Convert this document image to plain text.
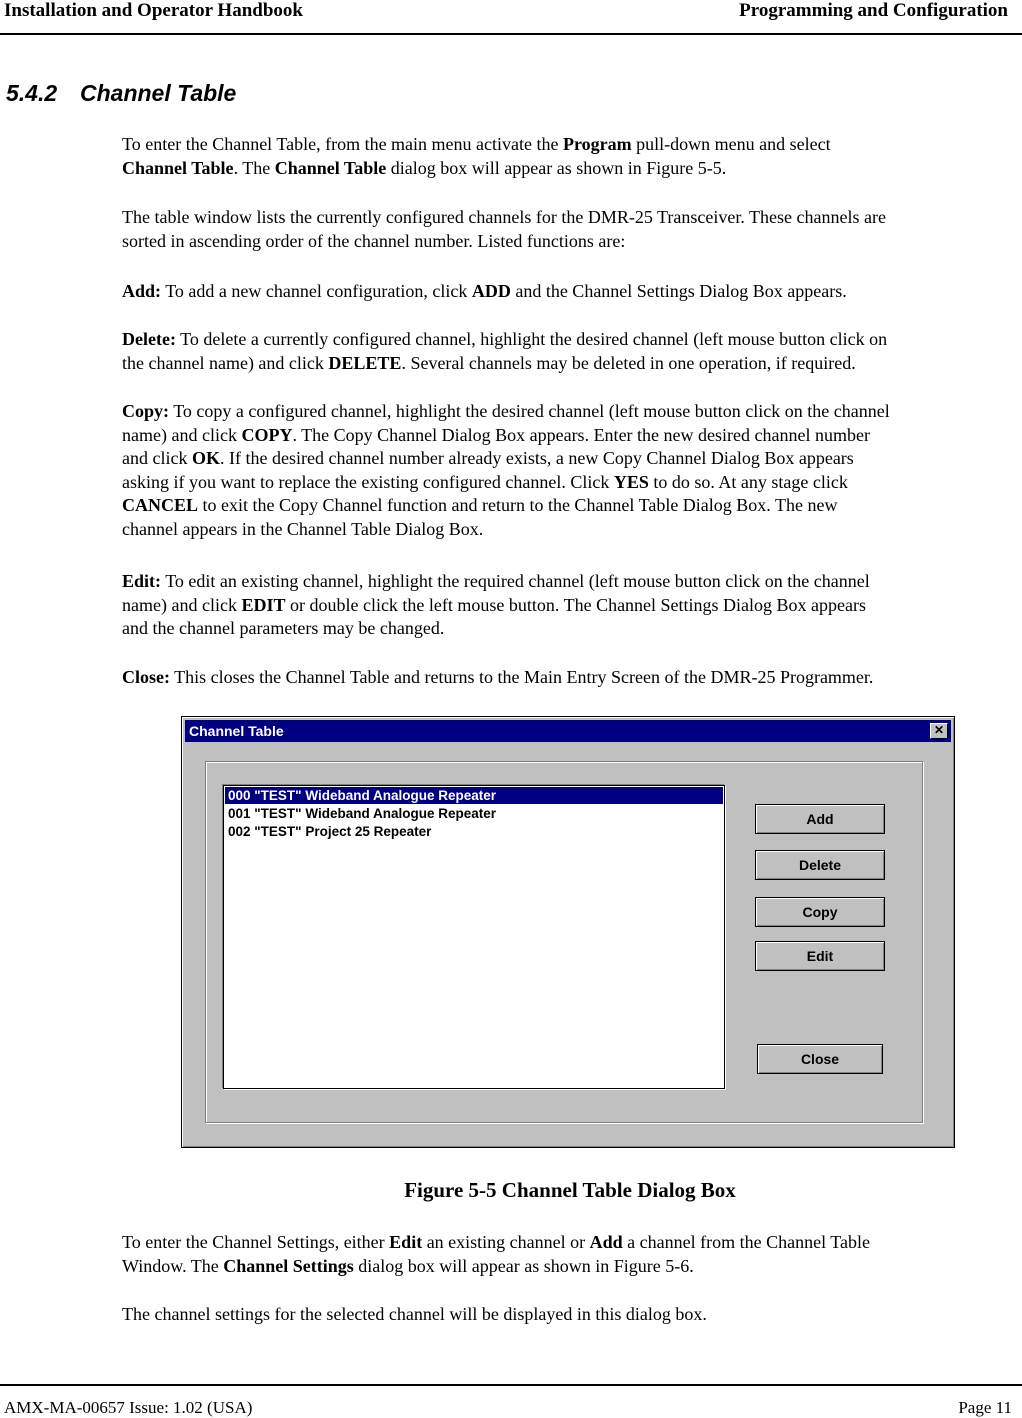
Installation and Operator Handbook	Programming and Configuration
5.4.2 Channel Table
To enter the Channel Table, from the main menu activate the Program pull-down menu and select
Channel Table. The Channel Table dialog box will appear as shown in Figure 5-5.
The table window lists the currently configured channels for the DMR-25 Transceiver. These channels are
sorted in ascending order of the channel number. Listed functions are:
Add: To add a new channel configuration, click ADD and the Channel Settings Dialog Box appears.
Delete: To delete a currently configured channel, highlight the desired channel (left mouse button click on
the channel name) and click DELETE. Several channels may be deleted in one operation, if required.
Copy: To copy a configured channel, highlight the desired channel (left mouse button click on the channel
name) and click COPY. The Copy Channel Dialog Box appears. Enter the new desired channel number
and click OK. If the desired channel number already exists, a new Copy Channel Dialog Box appears
asking if you want to replace the existing configured channel. Click YES to do so. At any stage click
CANCEL to exit the Copy Channel function and return to the Channel Table Dialog Box. The new
channel appears in the Channel Table Dialog Box.
Edit: To edit an existing channel, highlight the required channel (left mouse button click on the channel
name) and click EDIT or double click the left mouse button. The Channel Settings Dialog Box appears
and the channel parameters may be changed.
Close: This closes the Channel Table and returns to the Main Entry Screen of the DMR-25 Programmer.
Channel Table	✕
000 "TEST" Wideband Analogue Repeater
001 "TEST" Wideband Analogue Repeater
002 "TEST" Project 25 Repeater
Add
Delete
Copy
Edit
Close
Figure 5-5 Channel Table Dialog Box
To enter the Channel Settings, either Edit an existing channel or Add a channel from the Channel Table
Window. The Channel Settings dialog box will appear as shown in Figure 5-6.
The channel settings for the selected channel will be displayed in this dialog box.
AMX-MA-00657 Issue: 1.02 (USA)	Page 11
